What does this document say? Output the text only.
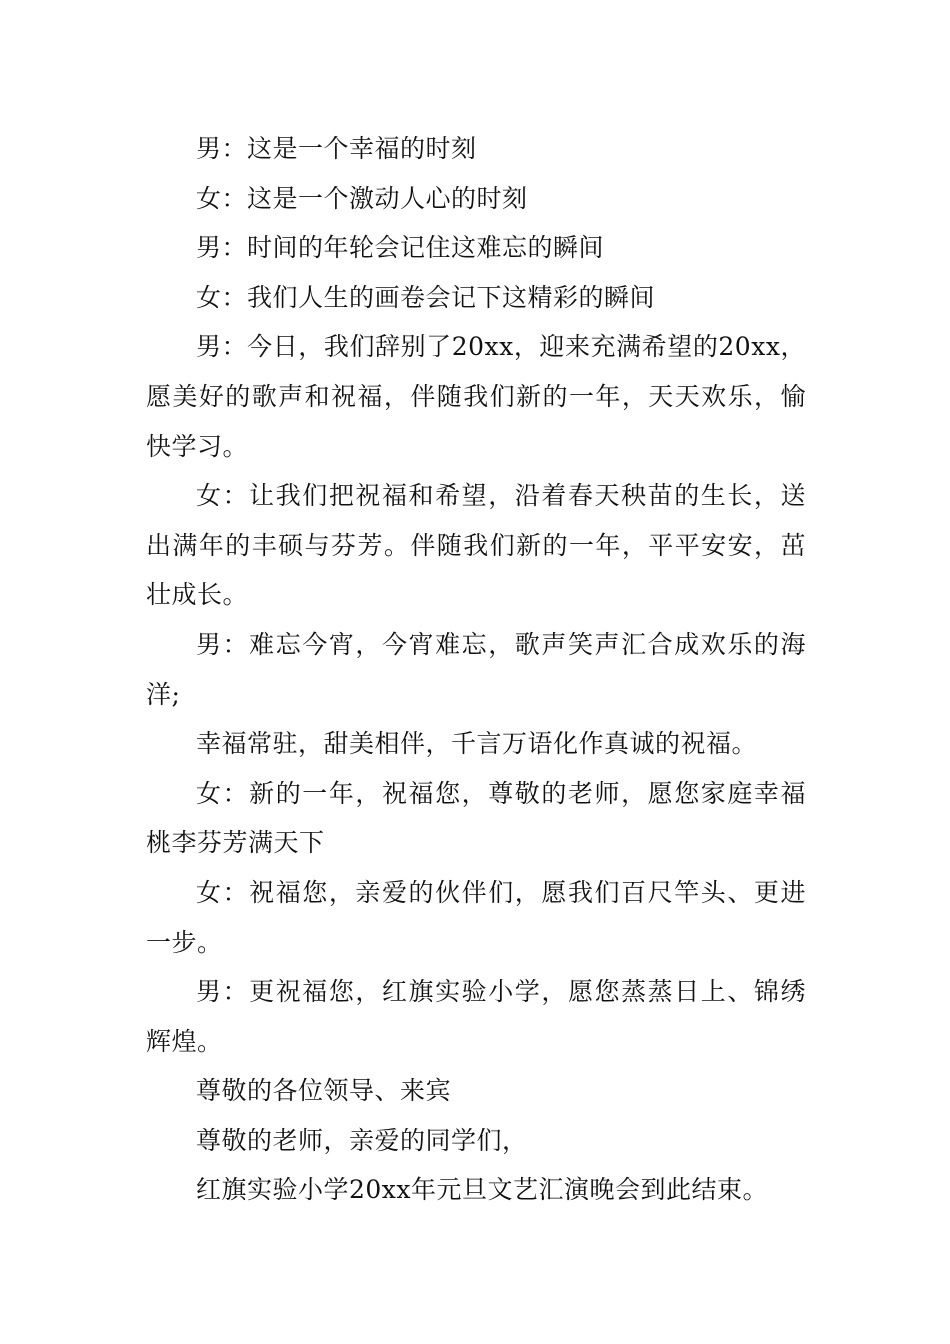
男：这是一个幸福的时刻

女：这是一个激动人心的时刻

男：时间的年轮会记住这难忘的瞬间

女：我们人生的画卷会记下这精彩的瞬间

男：今日，我们辞别了20xx，迎来充满希望的20xx，愿美好的歌声和祝福，伴随我们新的一年，天天欢乐，愉快学习。

女：让我们把祝福和希望，沿着春天秧苗的生长，送出满年的丰硕与芬芳。伴随我们新的一年，平平安安，茁壮成长。

男：难忘今宵，今宵难忘，歌声笑声汇合成欢乐的海洋;

幸福常驻，甜美相伴，千言万语化作真诚的祝福。

女：新的一年，祝福您，尊敬的老师，愿您家庭幸福桃李芬芳满天下

女：祝福您，亲爱的伙伴们，愿我们百尺竿头、更进一步。

男：更祝福您，红旗实验小学，愿您蒸蒸日上、锦绣辉煌。

尊敬的各位领导、来宾

尊敬的老师，亲爱的同学们，

红旗实验小学20xx年元旦文艺汇演晚会到此结束。
